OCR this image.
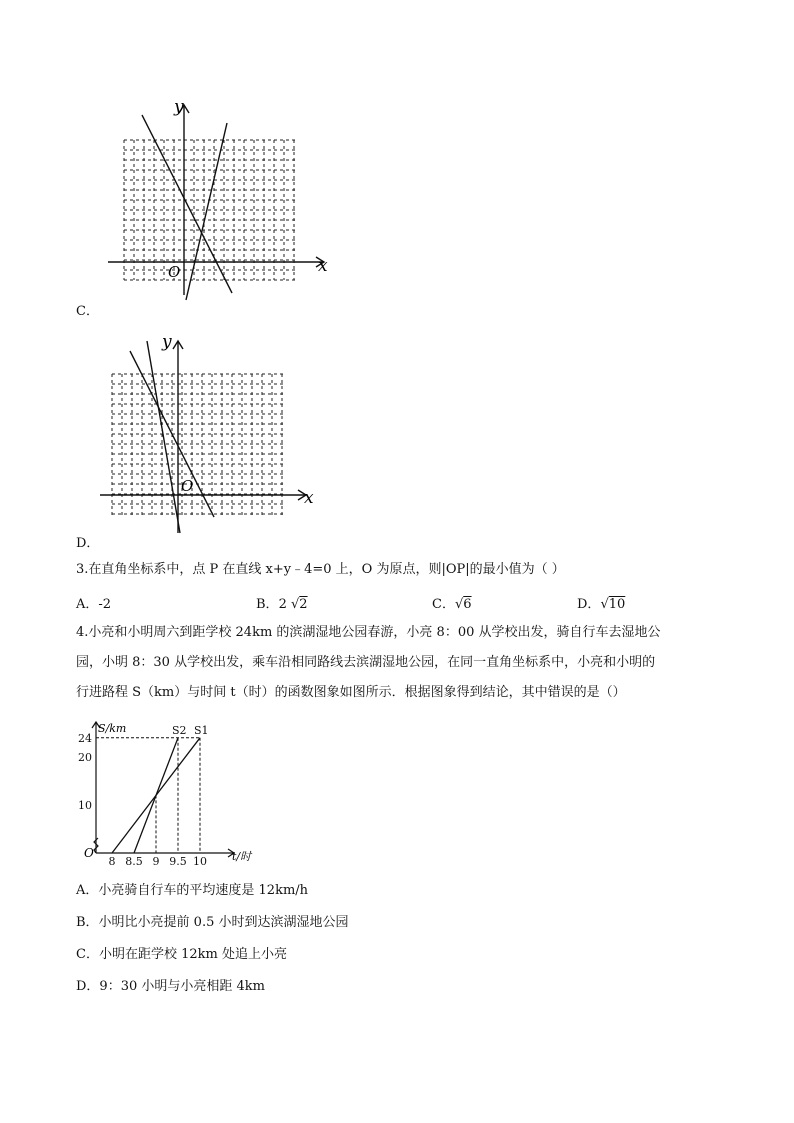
x
y
O
C．
x
y
O
D．
3.在直角坐标系中，点 P 在直线 x+y﹣4=0 上，O 为原点，则|OP|的最小值为（ ）
A．-2	B．2 √2	C．√6	D．√10
4.小亮和小明周六到距学校 24km 的滨湖湿地公园春游，小亮 8：00 从学校出发，骑自行车去湿地公
园，小明 8：30 从学校出发，乘车沿相同路线去滨湖湿地公园，在同一直角坐标系中，小亮和小明的
行进路程 S（km）与时间 t（时）的函数图象如图所示．根据图象得到结论，其中错误的是（）
S/km
t/时
O
8 8.5 9 9.5 10
10
20
24
S1
S2
A．小亮骑自行车的平均速度是 12km/h
B．小明比小亮提前 0.5 小时到达滨湖湿地公园
C．小明在距学校 12km 处追上小亮
D．9：30 小明与小亮相距 4km
